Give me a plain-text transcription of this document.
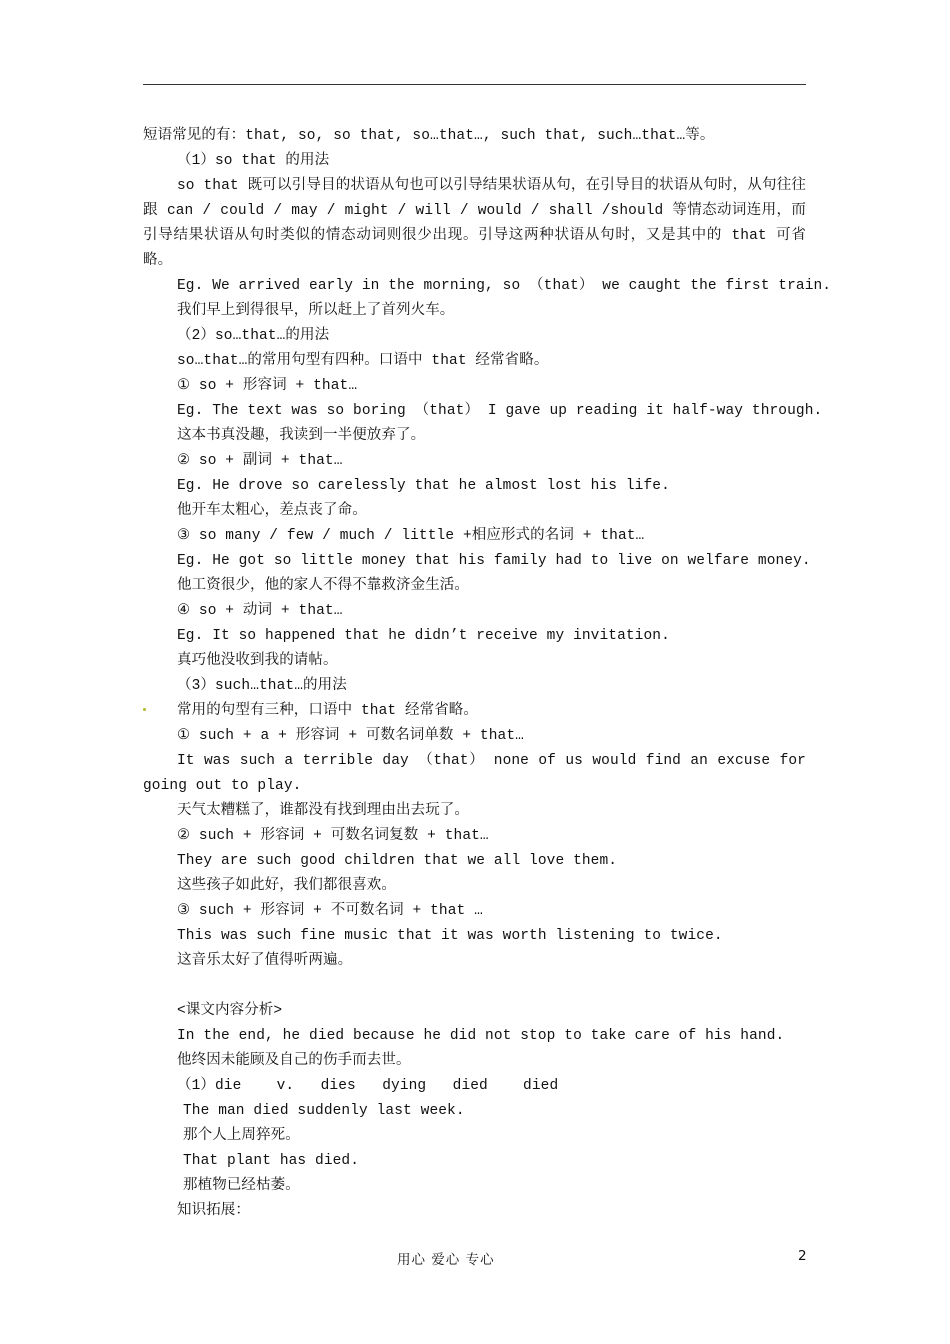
短语常见的有：that, so, so that, so…that…, such that, such…that…等。
（1）so that 的用法
so that 既可以引导目的状语从句也可以引导结果状语从句，在引导目的状语从句时，从句往往跟 can / could / may / might / will / would / shall /should 等情态动词连用，而引导结果状语从句时类似的情态动词则很少出现。引导这两种状语从句时，又是其中的 that 可省略。
Eg. We arrived early in the morning, so （that） we caught the first train.
我们早上到得很早，所以赶上了首列火车。
（2）so…that…的用法
so…that…的常用句型有四种。口语中 that 经常省略。
① so + 形容词 + that…
Eg. The text was so boring （that） I gave up reading it half-way through.
这本书真没趣，我读到一半便放弃了。
② so + 副词 + that…
Eg. He drove so carelessly that he almost lost his life.
他开车太粗心，差点丧了命。
③ so many / few / much / little +相应形式的名词 + that…
Eg. He got so little money that his family had to live on welfare money.
他工资很少，他的家人不得不靠救济金生活。
④ so + 动词 + that…
Eg. It so happened that he didn’t receive my invitation.
真巧他没收到我的请帖。
（3）such…that…的用法
常用的句型有三种，口语中 that 经常省略。
① such + a + 形容词 + 可数名词单数 + that…
It was such a terrible day （that） none of us would find an excuse for going out to play.
天气太糟糕了，谁都没有找到理由出去玩了。
② such + 形容词 + 可数名词复数 + that…
They are such good children that we all love them.
这些孩子如此好，我们都很喜欢。
③ such + 形容词 + 不可数名词 + that …
This was such fine music that it was worth listening to twice.
这音乐太好了值得听两遍。
<课文内容分析>
In the end, he died because he did not stop to take care of his hand.
他终因未能顾及自己的伤手而去世。
（1）die    v.   dies   dying   died    died
The man died suddenly last week.
那个人上周猝死。
That plant has died.
那植物已经枯萎。
知识拓展：
用心 爱心 专心	2
